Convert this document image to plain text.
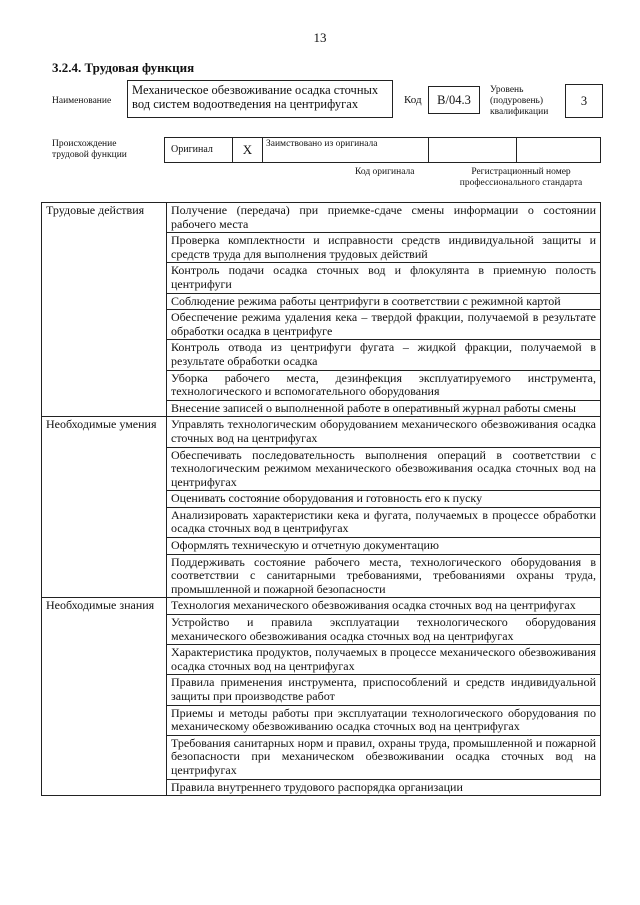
13
3.2.4. Трудовая функция
Наименование
Механическое обезвоживание осадка сточных вод систем водоотведения на центрифугах	Код	B/04.3
Уровень (подуровень) квалификации
3
Происхождение трудовой функции	Оригинал	X	Заимствовано из оригинала
Код оригинала	Регистрационный номер профессионального стандарта
Трудовые действия	Получение (передача) при приемке-сдаче смены информации о состоянии рабочего места
	Проверка комплектности и исправности средств индивидуальной защиты и средств труда для выполнения трудовых действий
	Контроль подачи осадка сточных вод и флокулянта в приемную полость центрифуги
	Соблюдение режима работы центрифуги в соответствии с режимной картой
	Обеспечение режима удаления кека – твердой фракции, получаемой в результате обработки осадка в центрифуге
	Контроль отвода из центрифуги фугата – жидкой фракции, получаемой в результате обработки осадка
	Уборка рабочего места, дезинфекция эксплуатируемого инструмента, технологического и вспомогательного оборудования
	Внесение записей о выполненной работе в оперативный журнал работы смены
Необходимые умения	Управлять технологическим оборудованием механического обезвоживания осадка сточных вод на центрифугах
	Обеспечивать последовательность выполнения операций в соответствии с технологическим режимом механического обезвоживания осадка сточных вод на центрифугах
	Оценивать состояние оборудования и готовность его к пуску
	Анализировать характеристики кека и фугата, получаемых в процессе обработки осадка сточных вод в центрифугах
	Оформлять техническую и отчетную документацию
	Поддерживать состояние рабочего места, технологического оборудования в соответствии с санитарными требованиями, требованиями охраны труда, промышленной и пожарной безопасности
Необходимые знания	Технология механического обезвоживания осадка сточных вод на центрифугах
	Устройство и правила эксплуатации технологического оборудования механического обезвоживания осадка сточных вод на центрифугах
	Характеристика продуктов, получаемых в процессе механического обезвоживания осадка сточных вод на центрифугах
	Правила применения инструмента, приспособлений и средств индивидуальной защиты при производстве работ
	Приемы и методы работы при эксплуатации технологического оборудования по механическому обезвоживанию осадка сточных вод на центрифугах
	Требования санитарных норм и правил, охраны труда, промышленной и пожарной безопасности при механическом обезвоживании осадка сточных вод на центрифугах
	Правила внутреннего трудового распорядка организации
